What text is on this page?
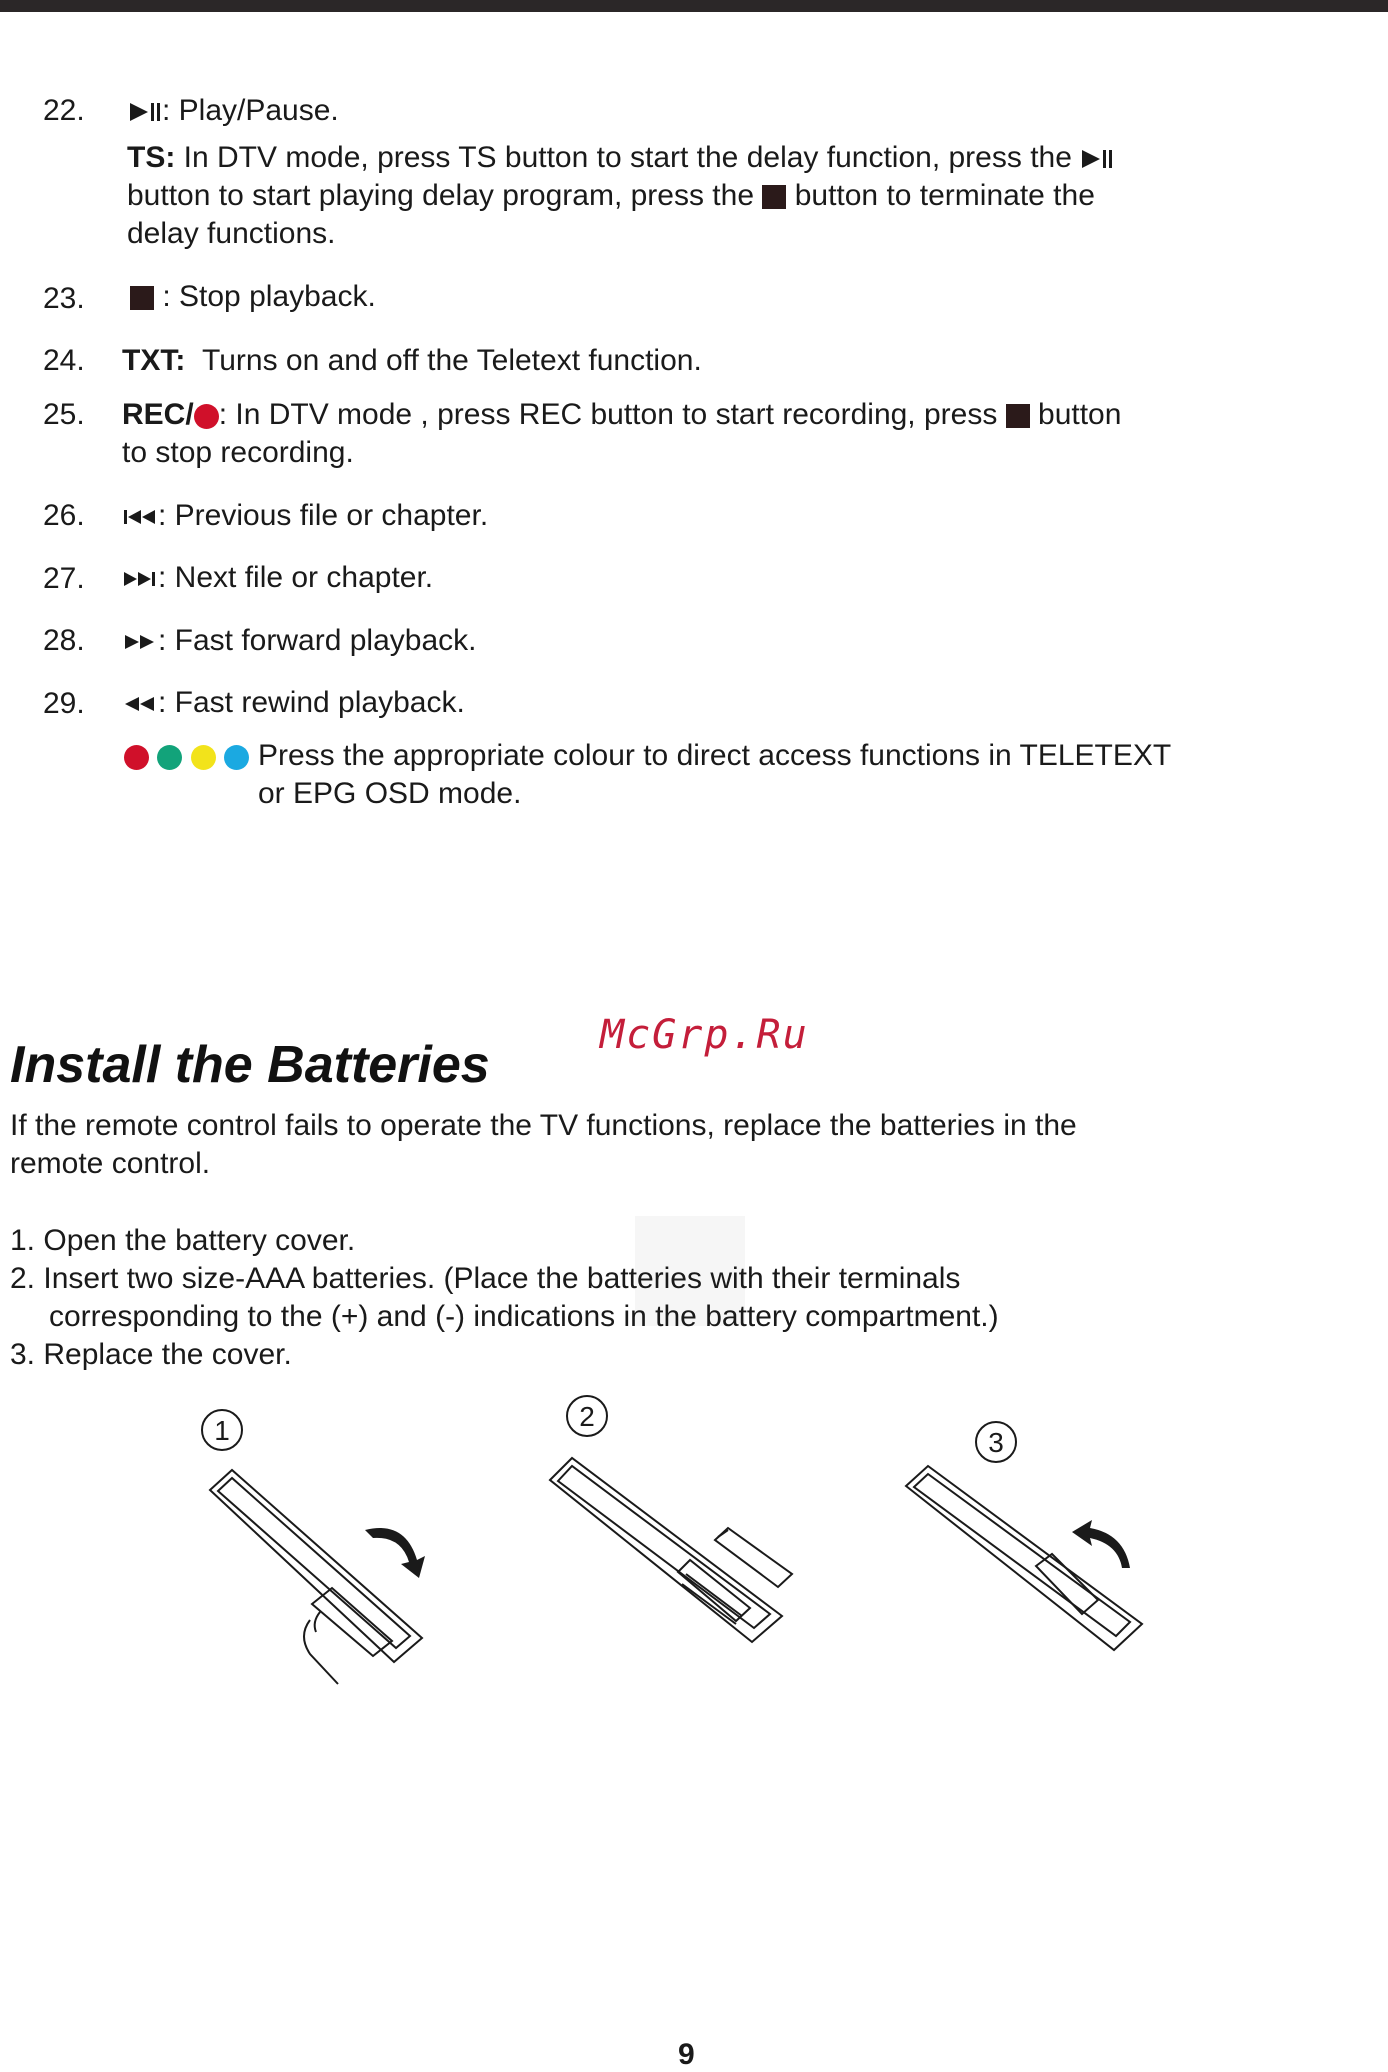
22.	: Play/Pause.
TS: In DTV mode, press TS button to start the delay function, press the
button to start playing delay program, press the  button to terminate the
delay functions.
23.	: Stop playback.
24. TXT: Turns on and off the Teletext function.
25. REC/ : In DTV mode , press REC button to start recording, press  button
to stop recording.
26.	: Previous file or chapter.
27.	: Next file or chapter.
28.	: Fast forward playback.
29.	: Fast rewind playback.

Press the appropriate colour to direct access functions in TELETEXT
or EPG OSD mode.
McGrp.Ru
Install the Batteries
If the remote control fails to operate the TV functions, replace the batteries in the
remote control.
1. Open the battery cover.
2. Insert two size-AAA batteries. (Place the batteries with their terminals
corresponding to the (+) and (-) indications in the battery compartment.)
3. Replace the cover.
1	2
3
9
